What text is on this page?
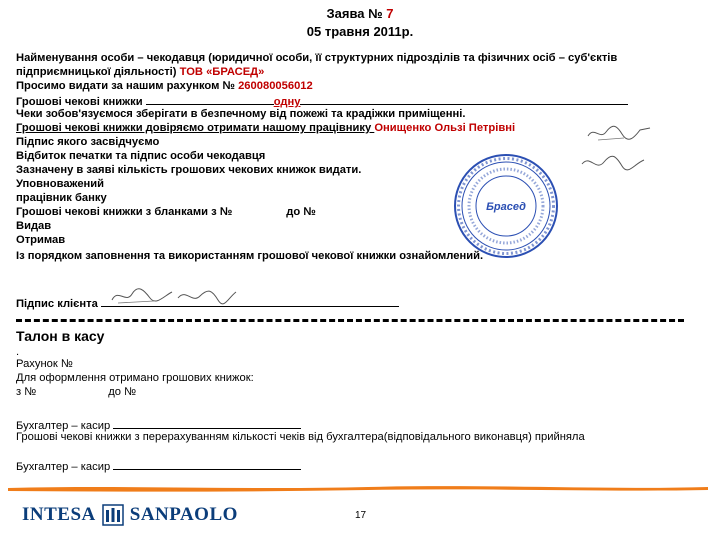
Заява № 7
05 травня 2011р.
Найменування особи – чекодавця (юридичної особи, її структурних підрозділів та фізичних осіб – суб'єктів
підприємницької діяльності) ТОВ «БРАСЕД»
Просимо видати за нашим рахунком № 260080056012
Грошові чекові книжки	одну
Чеки зобов'язуємося зберігати в безпечному від пожежі та крадіжки приміщенні.
Грошові чекові книжки довіряємо отримати нашому працівнику Онищенко Ользі Петрівні
Підпис якого засвідчуємо
Відбиток печатки та підпис особи чекодавця
Зазначену в заяві кількість грошових чекових книжок видати.
Уповноважений
працівник банку
Грошові чекові книжки з бланками з №	до №
Видав
Отримав
Із порядком заповнення та використанням грошової чекової книжки ознайомлений.
Підпис клієнта
Брасед
Талон в касу
.
Рахунок №
Для оформлення отримано грошових книжок:
з №	до №
Бухгалтер – касир
Грошові чекові книжки з перерахуванням кількості чеків від бухгалтера(відповідального виконавця) прийняла
Бухгалтер – касир
INTESA SANPAOLO	17
